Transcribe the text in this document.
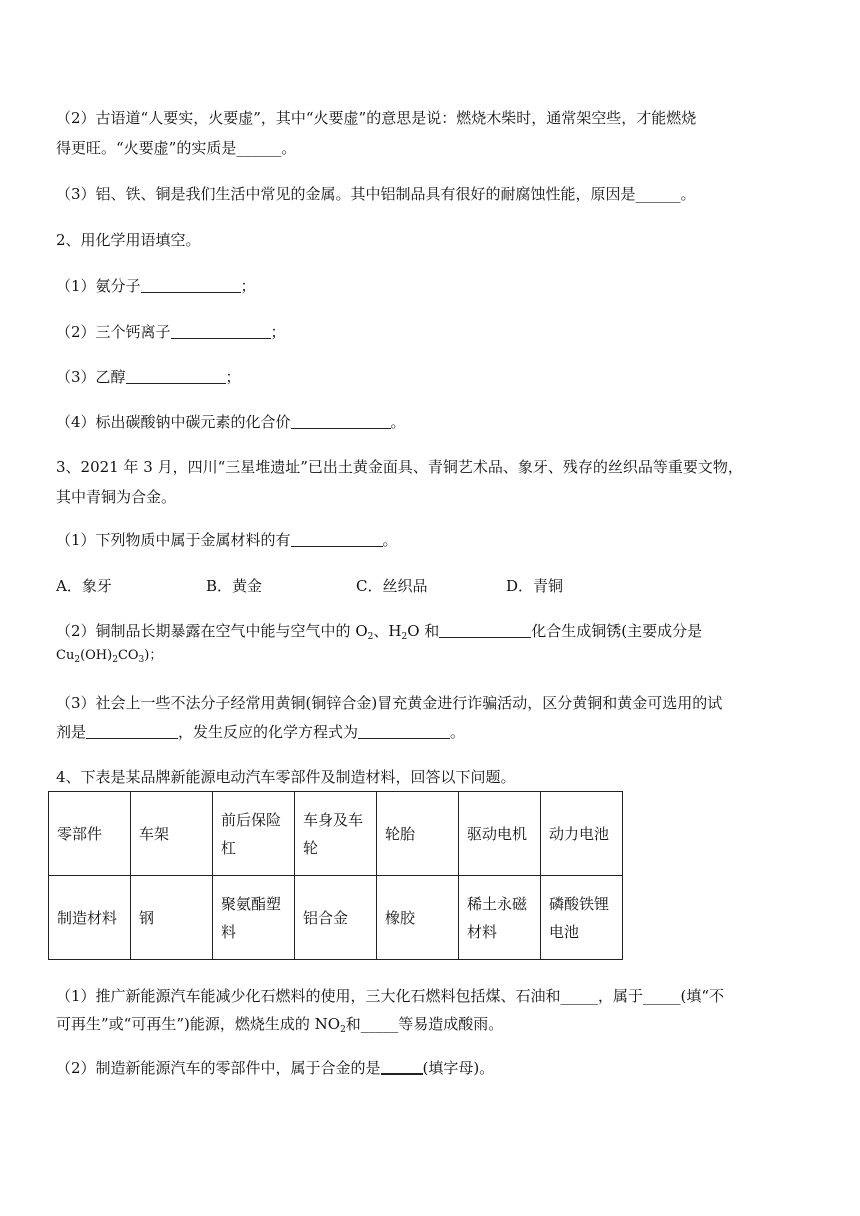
（2）古语道“人要实，火要虚”，其中“火要虚”的意思是说：燃烧木柴时，通常架空些，才能燃烧
得更旺。“火要虚”的实质是______。
（3）铝、铁、铜是我们生活中常见的金属。其中铝制品具有很好的耐腐蚀性能，原因是______。
2、用化学用语填空。
（1）氨分子	；
（2）三个钙离子	；
（3）乙醇	；
（4）标出碳酸钠中碳元素的化合价	。
3、2021 年 3 月，四川“三星堆遗址”已出土黄金面具、青铜艺术品、象牙、残存的丝织品等重要文物，
其中青铜为合金。
（1）下列物质中属于金属材料的有	。
A．象牙	B．黄金	C．丝织品	D．青铜
（2）铜制品长期暴露在空气中能与空气中的 $O_2$、$H_2O$ 和	化合生成铜锈(主要成分是
$Cu_2(OH)_2CO_3$)；
（3）社会上一些不法分子经常用黄铜(铜锌合金)冒充黄金进行诈骗活动，区分黄铜和黄金可选用的试
剂是	，发生反应的化学方程式为	。
4、下表是某品牌新能源电动汽车零部件及制造材料，回答以下问题。
零部件	车架	前后保险杠	车身及车轮	轮胎	驱动电机	动力电池
制造材料	钢	聚氨酯塑料	铝合金	橡胶	稀土永磁材料	磷酸铁锂电池
（1）推广新能源汽车能减少化石燃料的使用，三大化石燃料包括煤、石油和_____，属于_____(填“不
可再生”或“可再生”)能源，燃烧生成的 $NO_2$和_____等易造成酸雨。
（2）制造新能源汽车的零部件中，属于合金的是	(填字母)。
